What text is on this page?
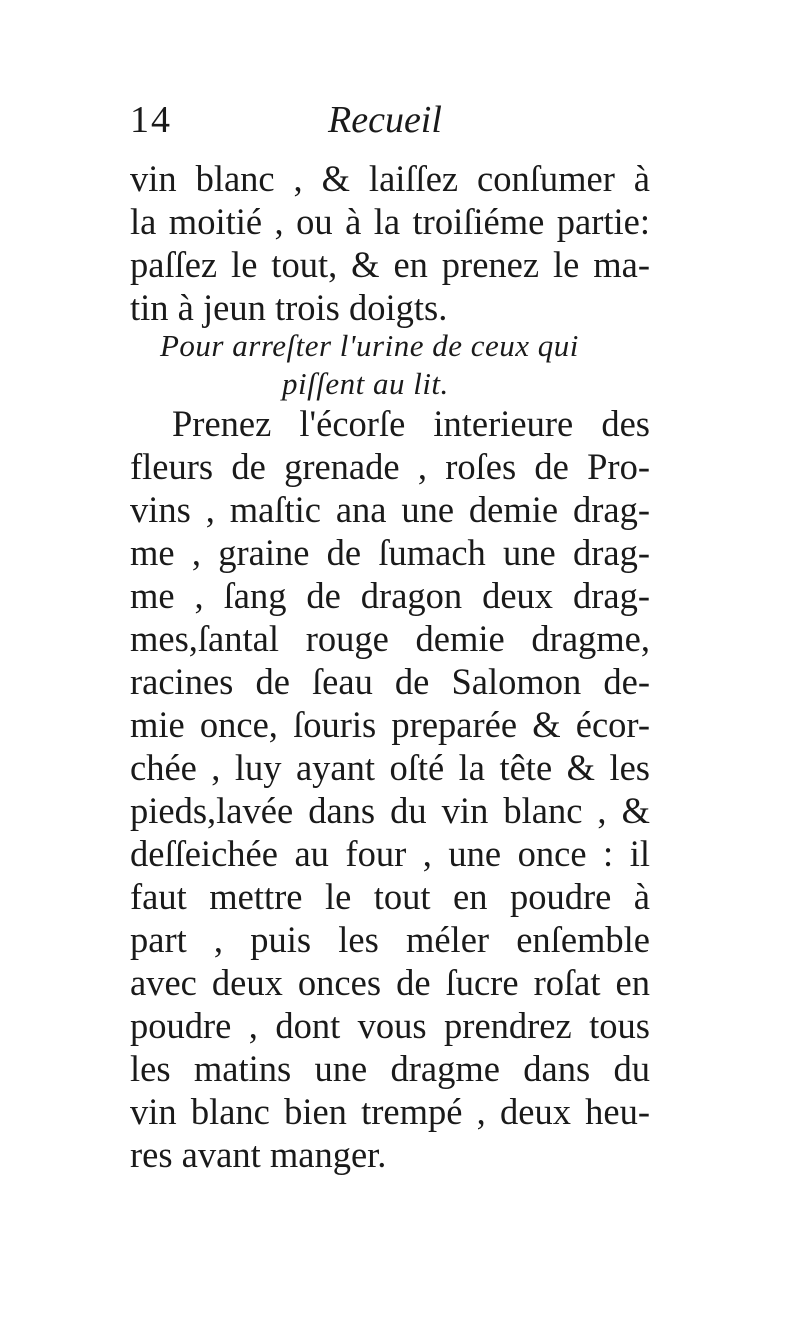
14	Recueil
vin blanc , & laiſſez conſumer à
la moitié , ou à la troiſiéme partie:
paſſez le tout, & en prenez le ma-
tin à jeun trois doigts.
Pour arreſter l'urine de ceux qui
piſſent au lit.
Prenez l'écorſe interieure des
fleurs de grenade , roſes de Pro-
vins , maſtic ana une demie drag-
me , graine de ſumach une drag-
me , ſang de dragon deux drag-
mes,ſantal rouge demie dragme,
racines de ſeau de Salomon de-
mie once, ſouris preparée & écor-
chée , luy ayant oſté la tête & les
pieds,lavée dans du vin blanc , &
deſſeichée au four , une once : il
faut mettre le tout en poudre à
part , puis les méler enſemble
avec deux onces de ſucre roſat en
poudre , dont vous prendrez tous
les matins une dragme dans du
vin blanc bien trempé , deux heu-
res avant manger.
